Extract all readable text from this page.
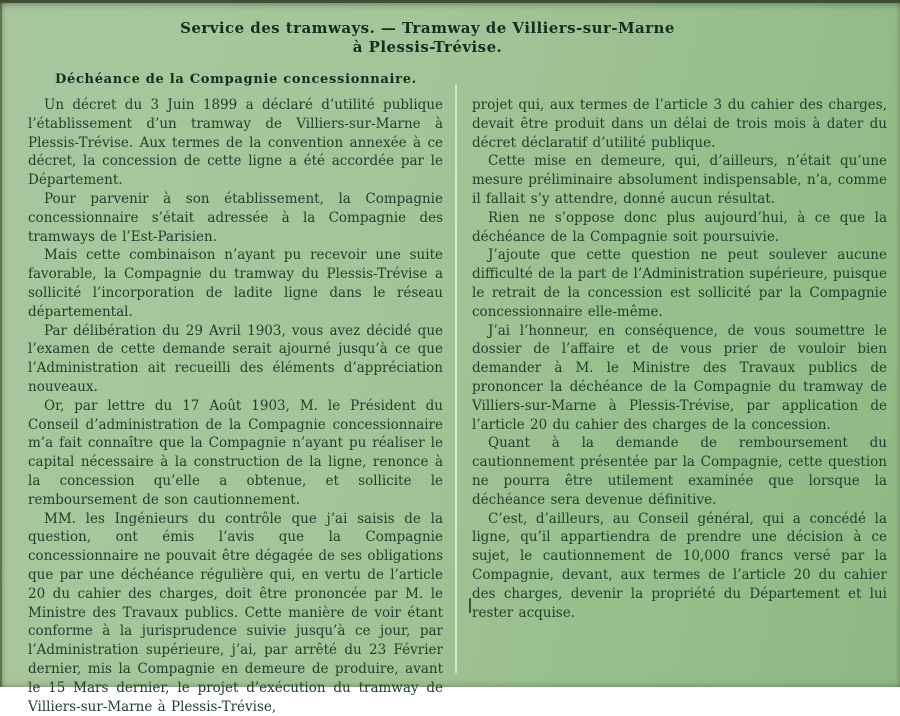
Service des tramways. — Tramway de Villiers-sur-Marne
à Plessis-Trévise.
Déchéance de la Compagnie concessionnaire.

Un décret du 3 Juin 1899 a déclaré d’utilité publique l’établissement d’un tramway de Villiers-sur-Marne à Plessis-Trévise. Aux termes de la convention annexée à ce décret, la concession de cette ligne a été accordée par le Département.

Pour parvenir à son établissement, la Compagnie concessionnaire s’était adressée à la Compagnie des tramways de l’Est-Parisien.

Mais cette combinaison n’ayant pu recevoir une suite favorable, la Compagnie du tramway du Plessis-Trévise a sollicité l’incorporation de ladite ligne dans le réseau départemental.

Par délibération du 29 Avril 1903, vous avez décidé que l’examen de cette demande serait ajourné jusqu’à ce que l’Administration ait recueilli des éléments d’appréciation nouveaux.

Or, par lettre du 17 Août 1903, M. le Président du Conseil d’administration de la Compagnie concessionnaire m’a fait connaître que la Compagnie n’ayant pu réaliser le capital nécessaire à la construction de la ligne, renonce à la concession qu’elle a obtenue, et sollicite le remboursement de son cautionnement.

MM. les Ingénieurs du contrôle que j’ai saisis de la question, ont émis l’avis que la Compagnie concessionnaire ne pouvait être dégagée de ses obligations que par une déchéance régulière qui, en vertu de l’article 20 du cahier des charges, doit être prononcée par M. le Ministre des Travaux publics. Cette manière de voir étant conforme à la jurisprudence suivie jusqu’à ce jour, par l’Administration supérieure, j’ai, par arrêté du 23 Février dernier, mis la Compagnie en demeure de produire, avant le 15 Mars dernier, le projet d’exécution du tramway de Villiers-sur-Marne à Plessis-Trévise,

projet qui, aux termes de l’article 3 du cahier des charges, devait être produit dans un délai de trois mois à dater du décret déclaratif d’utilité publique.

Cette mise en demeure, qui, d’ailleurs, n’était qu’une mesure préliminaire absolument indispensable, n’a, comme il fallait s’y attendre, donné aucun résultat.

Rien ne s’oppose donc plus aujourd’hui, à ce que la déchéance de la Compagnie soit poursuivie.

J’ajoute que cette question ne peut soulever aucune difficulté de la part de l’Administration supérieure, puisque le retrait de la concession est sollicité par la Compagnie concessionnaire elle-même.

J’ai l’honneur, en conséquence, de vous soumettre le dossier de l’affaire et de vous prier de vouloir bien demander à M. le Ministre des Travaux publics de prononcer la déchéance de la Compagnie du tramway de Villiers-sur-Marne à Plessis-Trévise, par application de l’article 20 du cahier des charges de la concession.

Quant à la demande de remboursement du cautionnement présentée par la Compagnie, cette question ne pourra être utilement examinée que lorsque la déchéance sera devenue définitive.

C’est, d’ailleurs, au Conseil général, qui a concédé la ligne, qu’il appartiendra de prendre une décision à ce sujet, le cautionnement de 10,000 francs versé par la Compagnie, devant, aux termes de l’article 20 du cahier des charges, devenir la propriété du Département et lui rester acquise.
